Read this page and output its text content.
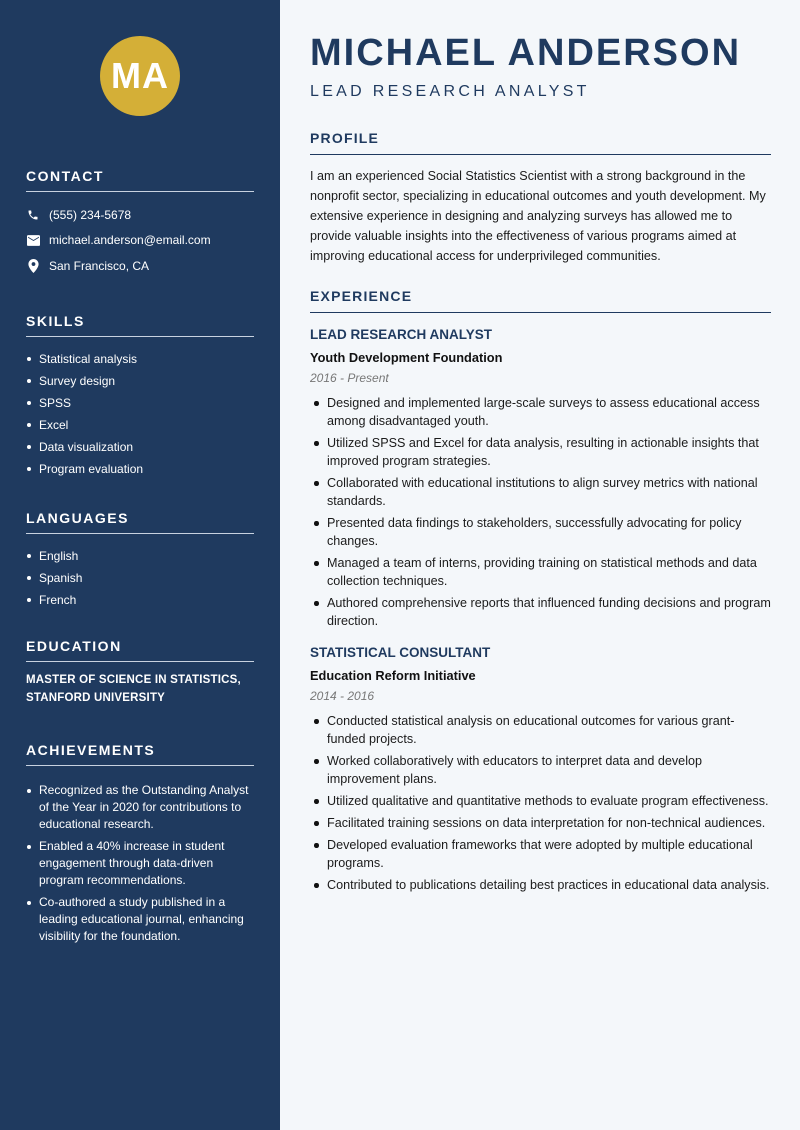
MA
CONTACT
(555) 234-5678
michael.anderson@email.com
San Francisco, CA
SKILLS
Statistical analysis
Survey design
SPSS
Excel
Data visualization
Program evaluation
LANGUAGES
English
Spanish
French
EDUCATION

MASTER OF SCIENCE IN STATISTICS, STANFORD UNIVERSITY

ACHIEVEMENTS
Recognized as the Outstanding Analyst of the Year in 2020 for contributions to educational research.
Enabled a 40% increase in student engagement through data-driven program recommendations.
Co-authored a study published in a leading educational journal, enhancing visibility for the foundation.
MICHAEL ANDERSON
LEAD RESEARCH ANALYST
PROFILE

I am an experienced Social Statistics Scientist with a strong background in the nonprofit sector, specializing in educational outcomes and youth development. My extensive experience in designing and analyzing surveys has allowed me to provide valuable insights into the effectiveness of various programs aimed at improving educational access for underprivileged communities.

EXPERIENCE
LEAD RESEARCH ANALYST
Youth Development Foundation
2016 - Present
Designed and implemented large-scale surveys to assess educational access among disadvantaged youth.
Utilized SPSS and Excel for data analysis, resulting in actionable insights that improved program strategies.
Collaborated with educational institutions to align survey metrics with national standards.
Presented data findings to stakeholders, successfully advocating for policy changes.
Managed a team of interns, providing training on statistical methods and data collection techniques.
Authored comprehensive reports that influenced funding decisions and program direction.
STATISTICAL CONSULTANT
Education Reform Initiative
2014 - 2016
Conducted statistical analysis on educational outcomes for various grant-funded projects.
Worked collaboratively with educators to interpret data and develop improvement plans.
Utilized qualitative and quantitative methods to evaluate program effectiveness.
Facilitated training sessions on data interpretation for non-technical audiences.
Developed evaluation frameworks that were adopted by multiple educational programs.
Contributed to publications detailing best practices in educational data analysis.
